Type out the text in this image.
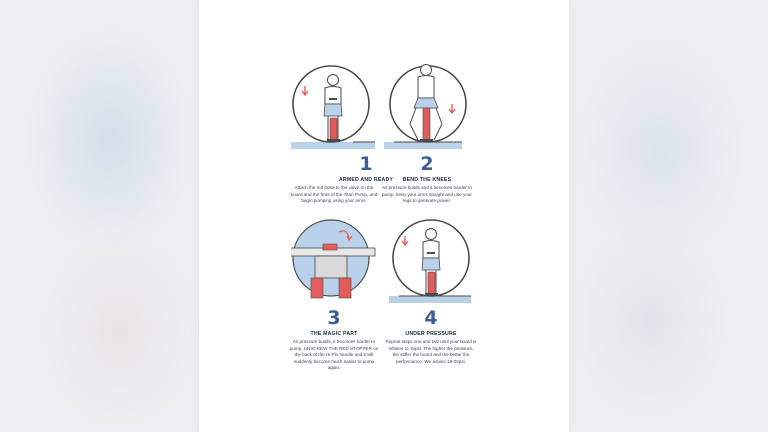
1
ARMED AND READY
Attach the red hose to the valve on the board and the front of the Titan Pump, and begin pumping using your arms.
2
BEND THE KNEES
As pressure builds and it becomes harder to pump, keep your arms straight and use your legs to generate power.
3
THE MAGIC PART
As pressure builds, it becomes harder to pump. UNSCREW THE RED STOPPER on the back of the Hi-Flo handle and it will suddenly become much easier to pump again.
4
UNDER PRESSURE
Repeat steps one and two until your board is inflated to 15psi. The higher the pressure, the stiffer the board and the better the performance. We advise 18-20psi.
